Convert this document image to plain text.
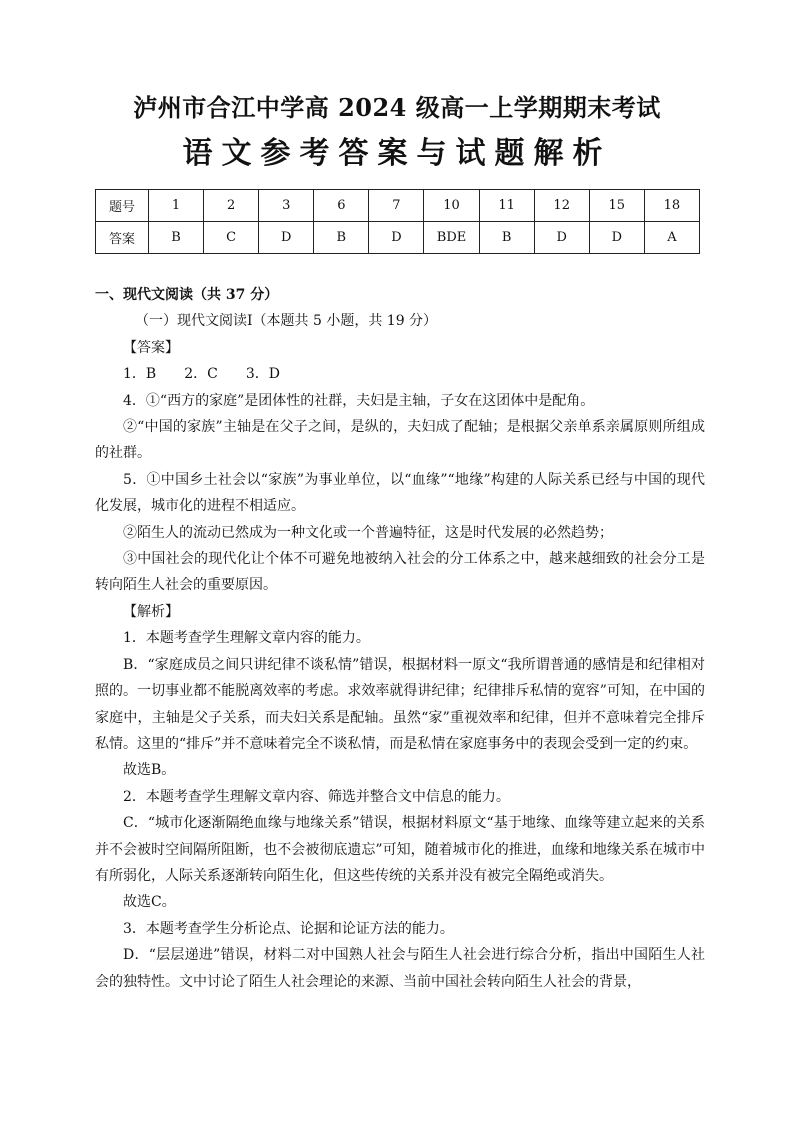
泸州市合江中学高 2024 级高一上学期期末考试
语文参考答案与试题解析
题号	1	2	3	6	7	10	11	12	15	18
答案	B	C	D	B	D	BDE	B	D	D	A

一、现代文阅读（共 37 分）

（一）现代文阅读Ⅰ（本题共 5 小题，共 19 分）

【答案】

1．B　　2．C　　3．D

4．①“西方的家庭”是团体性的社群，夫妇是主轴，子女在这团体中是配角。

②“中国的家族”主轴是在父子之间，是纵的，夫妇成了配轴；是根据父亲单系亲属原则所组成的社群。

5．①中国乡土社会以“家族”为事业单位，以“血缘”“地缘”构建的人际关系已经与中国的现代化发展，城市化的进程不相适应。

②陌生人的流动已然成为一种文化或一个普遍特征，这是时代发展的必然趋势；

③中国社会的现代化让个体不可避免地被纳入社会的分工体系之中，越来越细致的社会分工是转向陌生人社会的重要原因。

【解析】

1．本题考查学生理解文章内容的能力。

B．“家庭成员之间只讲纪律不谈私情”错误，根据材料一原文“我所谓普通的感情是和纪律相对照的。一切事业都不能脱离效率的考虑。求效率就得讲纪律；纪律排斥私情的宽容”可知，在中国的家庭中，主轴是父子关系，而夫妇关系是配轴。虽然“家”重视效率和纪律，但并不意味着完全排斥私情。这里的“排斥”并不意味着完全不谈私情，而是私情在家庭事务中的表现会受到一定的约束。

故选B。

2．本题考查学生理解文章内容、筛选并整合文中信息的能力。

C．“城市化逐渐隔绝血缘与地缘关系”错误，根据材料原文“基于地缘、血缘等建立起来的关系并不会被时空间隔所阻断，也不会被彻底遗忘”可知，随着城市化的推进，血缘和地缘关系在城市中有所弱化，人际关系逐渐转向陌生化，但这些传统的关系并没有被完全隔绝或消失。

故选C。

3．本题考查学生分析论点、论据和论证方法的能力。

D．“层层递进”错误，材料二对中国熟人社会与陌生人社会进行综合分析，指出中国陌生人社会的独特性。文中讨论了陌生人社会理论的来源、当前中国社会转向陌生人社会的背景，
